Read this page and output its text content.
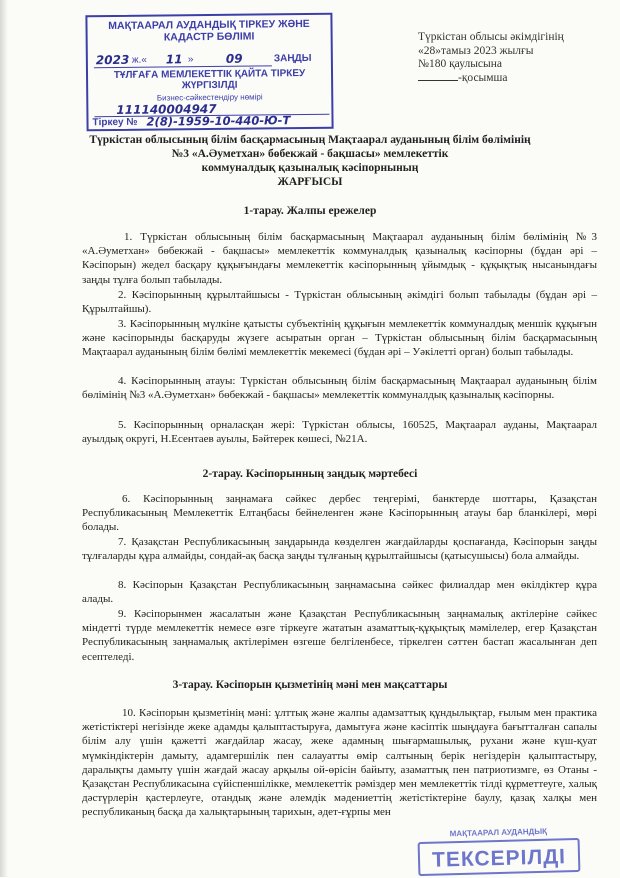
МАҚТААРАЛ АУДАНДЫҚ ТІРКЕУ ЖӘНЕ КАДАСТР БӨЛІМІ
2023 ж.« 11 »	09	ЗАҢДЫ
ТҰЛҒАҒА МЕМЛЕКЕТТІК ҚАЙТА ТІРКЕУ ЖҮРГІЗІЛДІ
Бизнес-сәйкестендіру нөмірі
111140004947
Тіркеу № 2(8)-1959-10-440-Ю-Т
Түркістан облысы әкімдігінің
«28»тамыз 2023 жылғы
№180 қаулысына
-қосымша
Түркістан облысының білім басқармасының Мақтаарал ауданының білім бөлімінің
№3 «А.Әуметхан» бөбекжай - бақшасы» мемлекеттік
коммуналдық қазыналық кәсіпорнының
ЖАРҒЫСЫ
1-тарау. Жалпы ережелер
1. Түркістан облысының білім басқармасының Мақтаарал ауданының білім бөлімінің №3 «А.Әуметхан» бөбекжай - бақшасы» мемлекеттік коммуналдық қазыналық кәсіпорны (бұдан әрі – Кәсіпорын) жедел басқару құқығындағы мемлекеттік кәсіпорынның ұйымдық - құқықтық нысанындағы заңды тұлға болып табылады.
2. Кәсіпорынның құрылтайшысы - Түркістан облысының әкімдігі болып табылады (бұдан әрі –Құрылтайшы).
3. Кәсіпорынның мүлкіне қатысты субъектінің құқығын мемлекеттік коммуналдық меншік құқығын және кәсіпорынды басқаруды жүзеге асыратын орган – Түркістан облысының білім басқармасының Мақтаарал ауданының білім бөлімі мемлекеттік мекемесі (бұдан әрі – Уәкілетті орган) болып табылады.
4. Кәсіпорынның атауы: Түркістан облысының білім басқармасының Мақтаарал ауданының білім бөлімінің №3 «А.Әуметхан» бөбекжай - бақшасы» мемлекеттік коммуналдық қазыналық кәсіпорны.
5. Кәсіпорынның орналасқан жері: Түркістан облысы, 160525, Мақтаарал ауданы, Мақтаарал ауылдық округі, Н.Есентаев ауылы, Бәйтерек көшесі, №21А.
2-тарау. Кәсіпорынның заңдық мәртебесі
6. Кәсіпорынның заңнамаға сәйкес дербес теңгерімі, банктерде шоттары, Қазақстан Республикасының Мемлекеттік Елтаңбасы бейнеленген және Кәсіпорынның атауы бар бланкілері, мөрі болады.
7. Қазақстан Республикасының заңдарында көзделген жағдайларды қоспағанда, Кәсіпорын заңды тұлғаларды құра алмайды, сондай-ақ басқа заңды тұлғаның құрылтайшысы (қатысушысы) бола алмайды.
8. Кәсіпорын Қазақстан Республикасының заңнамасына сәйкес филиалдар мен өкілдіктер құра алады.
9. Кәсіпорынмен жасалатын және Қазақстан Республикасының заңнамалық актілеріне сәйкес міндетті түрде мемлекеттік немесе өзге тіркеуге жататын азаматтық-құқықтық мәмілелер, егер Қазақстан Республикасының заңнамалық актілерімен өзгеше белгіленбесе, тіркелген сәттен бастап жасалынған деп есептеледі.
3-тарау. Кәсіпорын қызметінің мәні мен мақсаттары
10. Кәсіпорын қызметінің мәні: ұлттық және жалпы адамзаттық құндылықтар, ғылым мен практика жетістіктері негізінде жеке адамды қалыптастыруға, дамытуға және кәсіптік шыңдауға бағытталған сапалы білім алу үшін қажетті жағдайлар жасау, жеке адамның шығармашылық, рухани және күш-қуат мүмкіндіктерін дамыту, адамгершілік пен салауатты өмір салтының берік негіздерін қалыптастыру, даралықты дамыту үшін жағдай жасау арқылы ой-өрісін байыту, азаматтық пен патриотизмге, өз Отаны - Қазақстан Республикасына сүйіспеншілікке, мемлекеттік рәміздер мен мемлекеттік тілді құрметтеуге, халық дәстүрлерін қастерлеуге, отандық және әлемдік мәдениеттің жетістіктеріне баулу, қазақ халқы мен республиканың басқа да халықтарының тарихын, әдет-ғұрпы мен
МАҚТААРАЛ АУДАНДЫҚ
ТЕКСЕРІЛДІ
